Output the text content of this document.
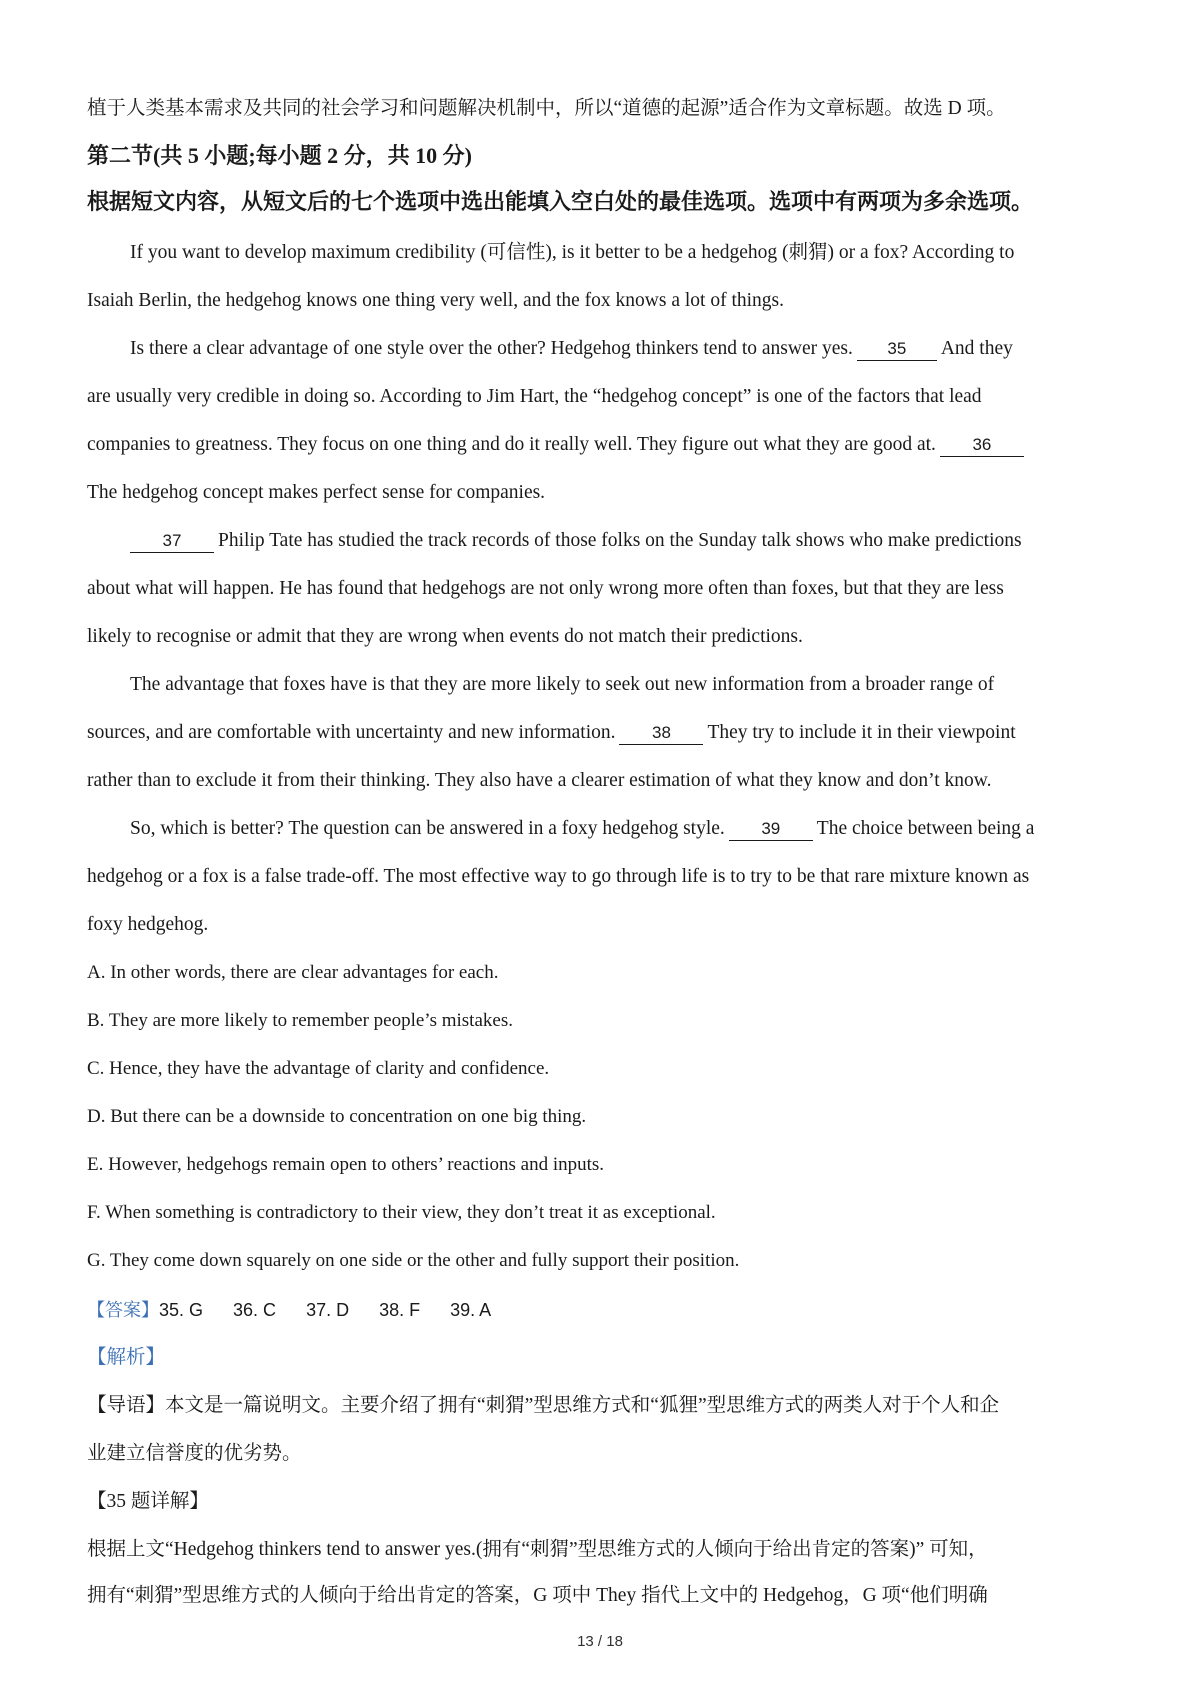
植于人类基本需求及共同的社会学习和问题解决机制中，所以“道德的起源”适合作为文章标题。故选 D 项。
第二节(共 5 小题;每小题 2 分，共 10 分)
根据短文内容，从短文后的七个选项中选出能填入空白处的最佳选项。选项中有两项为多余选项。
If you want to develop maximum credibility (可信性), is it better to be a hedgehog (刺猬) or a fox? According to
Isaiah Berlin, the hedgehog knows one thing very well, and the fox knows a lot of things.
Is there a clear advantage of one style over the other? Hedgehog thinkers tend to answer yes. 35 And they
are usually very credible in doing so. According to Jim Hart, the “hedgehog concept” is one of the factors that lead
companies to greatness. They focus on one thing and do it really well. They figure out what they are good at. 36
The hedgehog concept makes perfect sense for companies.
37 Philip Tate has studied the track records of those folks on the Sunday talk shows who make predictions
about what will happen. He has found that hedgehogs are not only wrong more often than foxes, but that they are less
likely to recognise or admit that they are wrong when events do not match their predictions.
The advantage that foxes have is that they are more likely to seek out new information from a broader range of
sources, and are comfortable with uncertainty and new information. 38 They try to include it in their viewpoint
rather than to exclude it from their thinking. They also have a clearer estimation of what they know and don’t know.
So, which is better? The question can be answered in a foxy hedgehog style. 39 The choice between being a
hedgehog or a fox is a false trade-off. The most effective way to go through life is to try to be that rare mixture known as
foxy hedgehog.
A. In other words, there are clear advantages for each.
B. They are more likely to remember people’s mistakes.
C. Hence, they have the advantage of clarity and confidence.
D. But there can be a downside to concentration on one big thing.
E. However, hedgehogs remain open to others’ reactions and inputs.
F. When something is contradictory to their view, they don’t treat it as exceptional.
G. They come down squarely on one side or the other and fully support their position.
【答案】35. G 36. C 37. D 38. F 39. A
【解析】
【导语】本文是一篇说明文。主要介绍了拥有“刺猬”型思维方式和“狐狸”型思维方式的两类人对于个人和企
业建立信誉度的优劣势。
【35 题详解】
根据上文“Hedgehog thinkers tend to answer yes.(拥有“刺猬”型思维方式的人倾向于给出肯定的答案)” 可知，
拥有“刺猬”型思维方式的人倾向于给出肯定的答案，G 项中 They 指代上文中的 Hedgehog，G 项“他们明确
13 / 18
